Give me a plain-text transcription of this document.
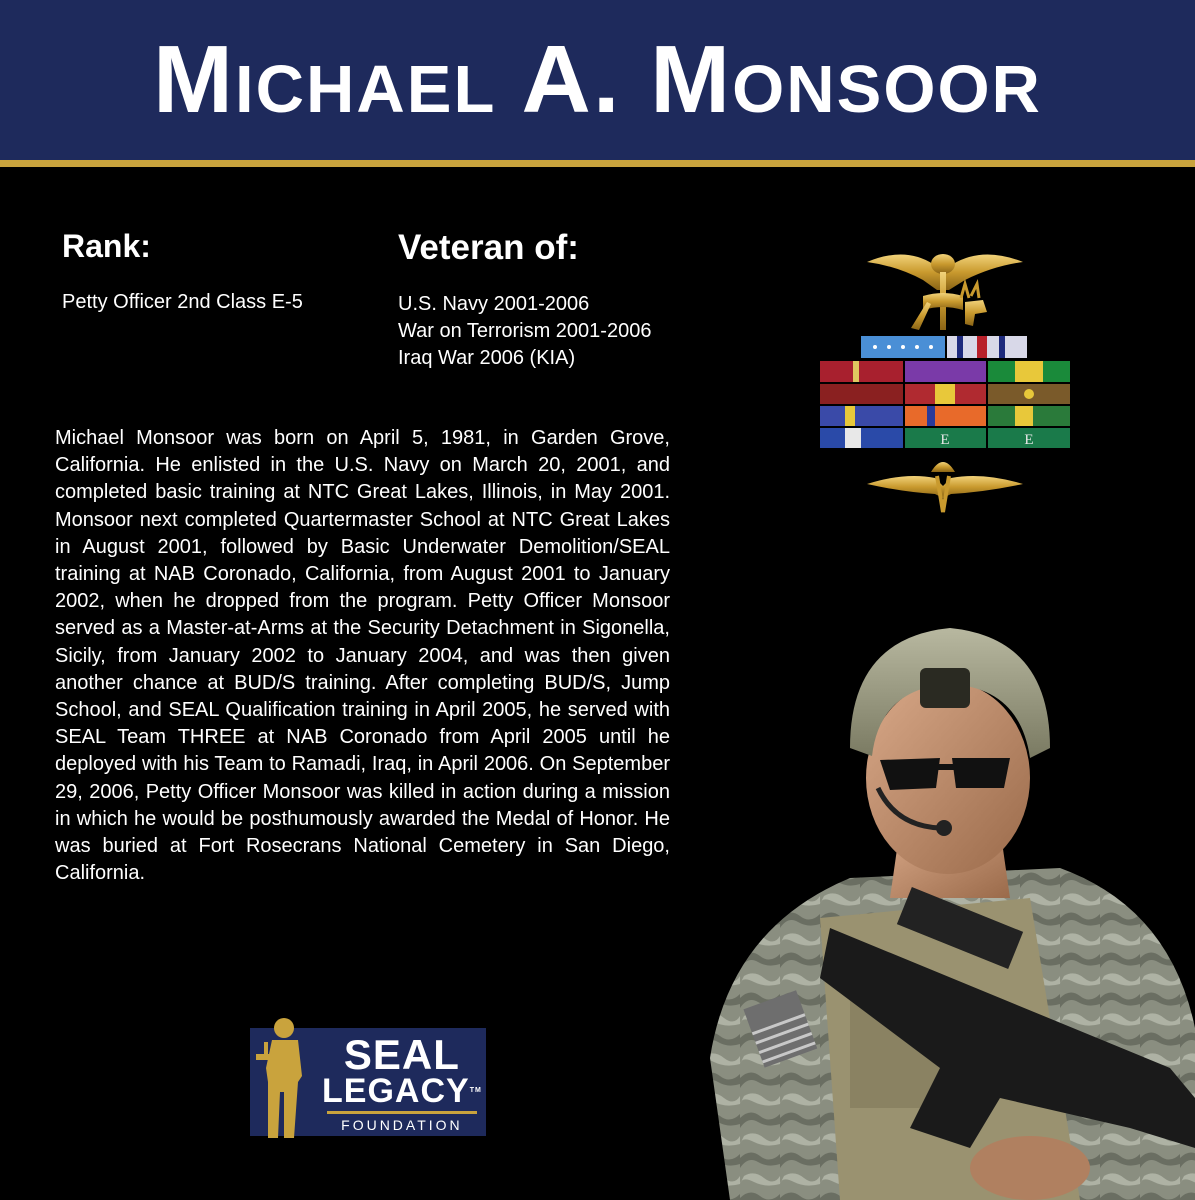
Michael A. Monsoor
Rank:
Petty Officer 2nd Class E-5
Veteran of:
U.S. Navy 2001-2006
War on Terrorism 2001-2006
Iraq War 2006 (KIA)

Michael Monsoor was born on April 5, 1981, in Garden Grove, California. He enlisted in the U.S. Navy on March 20, 2001, and completed basic training at NTC Great Lakes, Illinois, in May 2001. Monsoor next completed Quartermaster School at NTC Great Lakes in August 2001, followed by Basic Underwater Demolition/SEAL training at NAB Coronado, California, from August 2001 to January 2002, when he dropped from the program. Petty Officer Monsoor served as a Master-at-Arms at the Security Detachment in Sigonella, Sicily, from January 2002 to January 2004, and was then given another chance at BUD/S training. After completing BUD/S, Jump School, and SEAL Qualification training in April 2005, he served with SEAL Team THREE at NAB Coronado from April 2005 until he deployed with his Team to Ramadi, Iraq, in April 2006. On September 29, 2006, Petty Officer Monsoor was killed in action during a mission in which he would be posthumously awarded the Medal of Honor. He was buried at Fort Rosecrans National Cemetery in San Diego, California.

E	E
SEAL
LEGACY™
FOUNDATION
